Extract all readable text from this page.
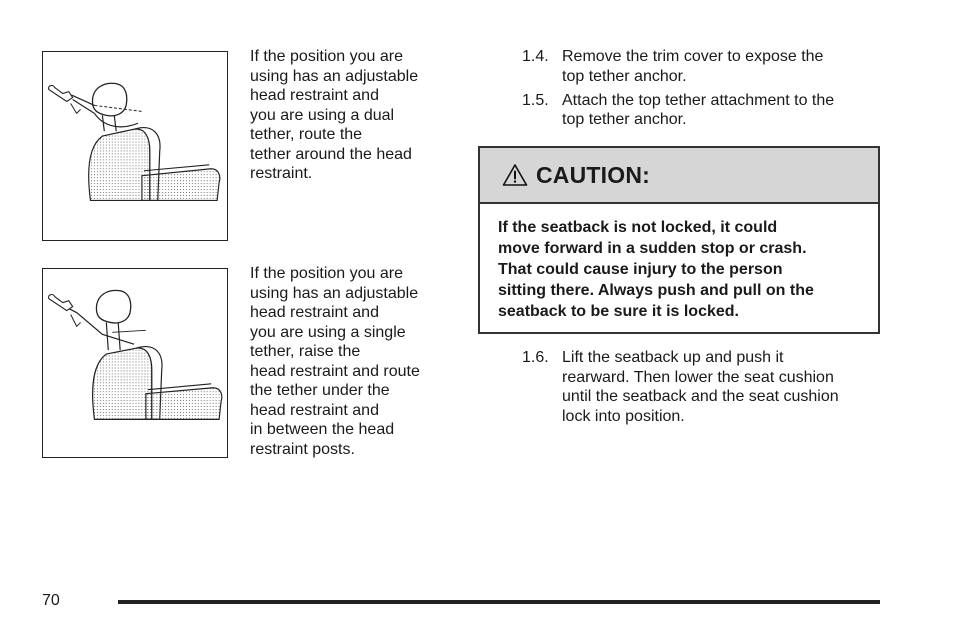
If the position you are
using has an adjustable
head restraint and
you are using a dual
tether, route the
tether around the head
restraint.
If the position you are
using has an adjustable
head restraint and
you are using a single
tether, raise the
head restraint and route
the tether under the
head restraint and
in between the head
restraint posts.
1.4. Remove the trim cover to expose the
top tether anchor.
1.5. Attach the top tether attachment to the
top tether anchor.
CAUTION:
If the seatback is not locked, it could
move forward in a sudden stop or crash.
That could cause injury to the person
sitting there. Always push and pull on the
seatback to be sure it is locked.
1.6. Lift the seatback up and push it
rearward. Then lower the seat cushion
until the seatback and the seat cushion
lock into position.
70
